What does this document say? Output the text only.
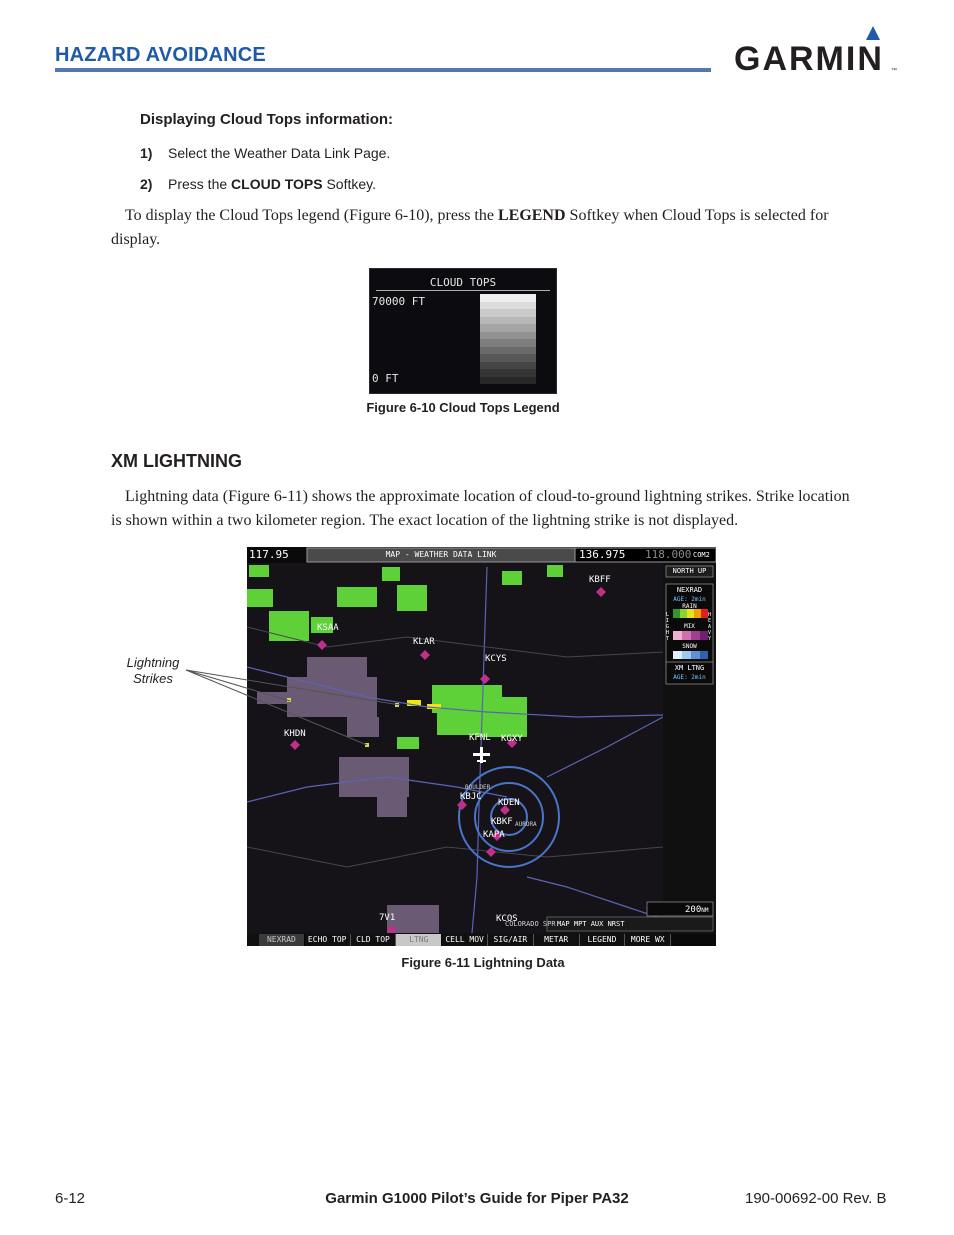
HAZARD AVOIDANCE	GARMIN ™
Displaying Cloud Tops information:
1) Select the Weather Data Link Page.
2) Press the CLOUD TOPS Softkey.
To display the Cloud Tops legend (Figure 6-10), press the LEGEND Softkey when Cloud Tops is selected for display.
CLOUD TOPS
70000 FT
0 FT
Figure 6-10 Cloud Tops Legend
XM LIGHTNING
Lightning data (Figure 6-11) shows the approximate location of cloud-to-ground lightning strikes. Strike location is shown within a two kilometer region. The exact location of the lightning strike is not displayed.
117.95	MAP - WEATHER DATA LINK	136.975 118.000 COM2
NORTH UP
NEXRAD
AGE: 2min
RAIN
MIX
SNOW
LIGHT
HEAVY
XM LTNG
AGE: 2min
KBFF
KSAA
KLAR
KCYS
KHDN	KFNL KGXY
KBJC
KDEN
KBKF
KAPA
7V1	KCOS
BOULDER
AURORA
COLORADO SPR
200NM
MAP MPT AUX NRST
NEXRAD	ECHO TOP	CLD TOP	LTNG	CELL MOV	SIG/AIR	METAR	LEGEND	MORE WX
Lightning
Strikes
Figure 6-11 Lightning Data
6-12	Garmin G1000 Pilot’s Guide for Piper PA32	190-00692-00 Rev. B
